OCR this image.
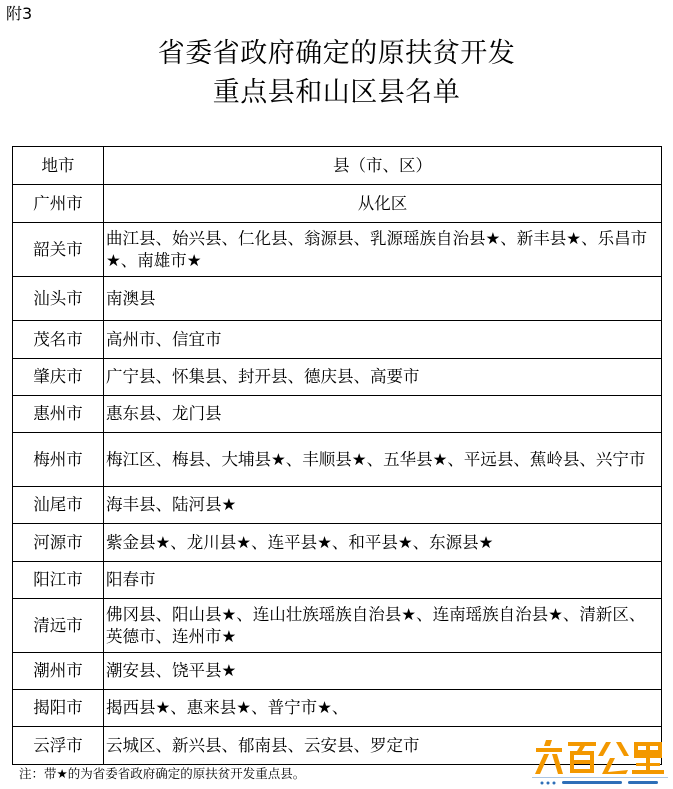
附3
省委省政府确定的原扶贫开发
重点县和山区县名单
地市	县（市、区）
广州市	从化区
韶关市	曲江县、始兴县、仁化县、翁源县、乳源瑶族自治县★、新丰县★、乐昌市★、南雄市★
汕头市	南澳县
茂名市	高州市、信宜市
肇庆市	广宁县、怀集县、封开县、德庆县、高要市
惠州市	惠东县、龙门县
梅州市	梅江区、梅县、大埔县★、丰顺县★、五华县★、平远县、蕉岭县、兴宁市
汕尾市	海丰县、陆河县★
河源市	紫金县★、龙川县★、连平县★、和平县★、东源县★
阳江市	阳春市
清远市	佛冈县、阳山县★、连山壮族瑶族自治县★、连南瑶族自治县★、清新区、英德市、连州市★
潮州市	潮安县、饶平县★
揭阳市	揭西县★、惠来县★、普宁市★、
云浮市	云城区、新兴县、郁南县、云安县、罗定市
注：带★的为省委省政府确定的原扶贫开发重点县。
